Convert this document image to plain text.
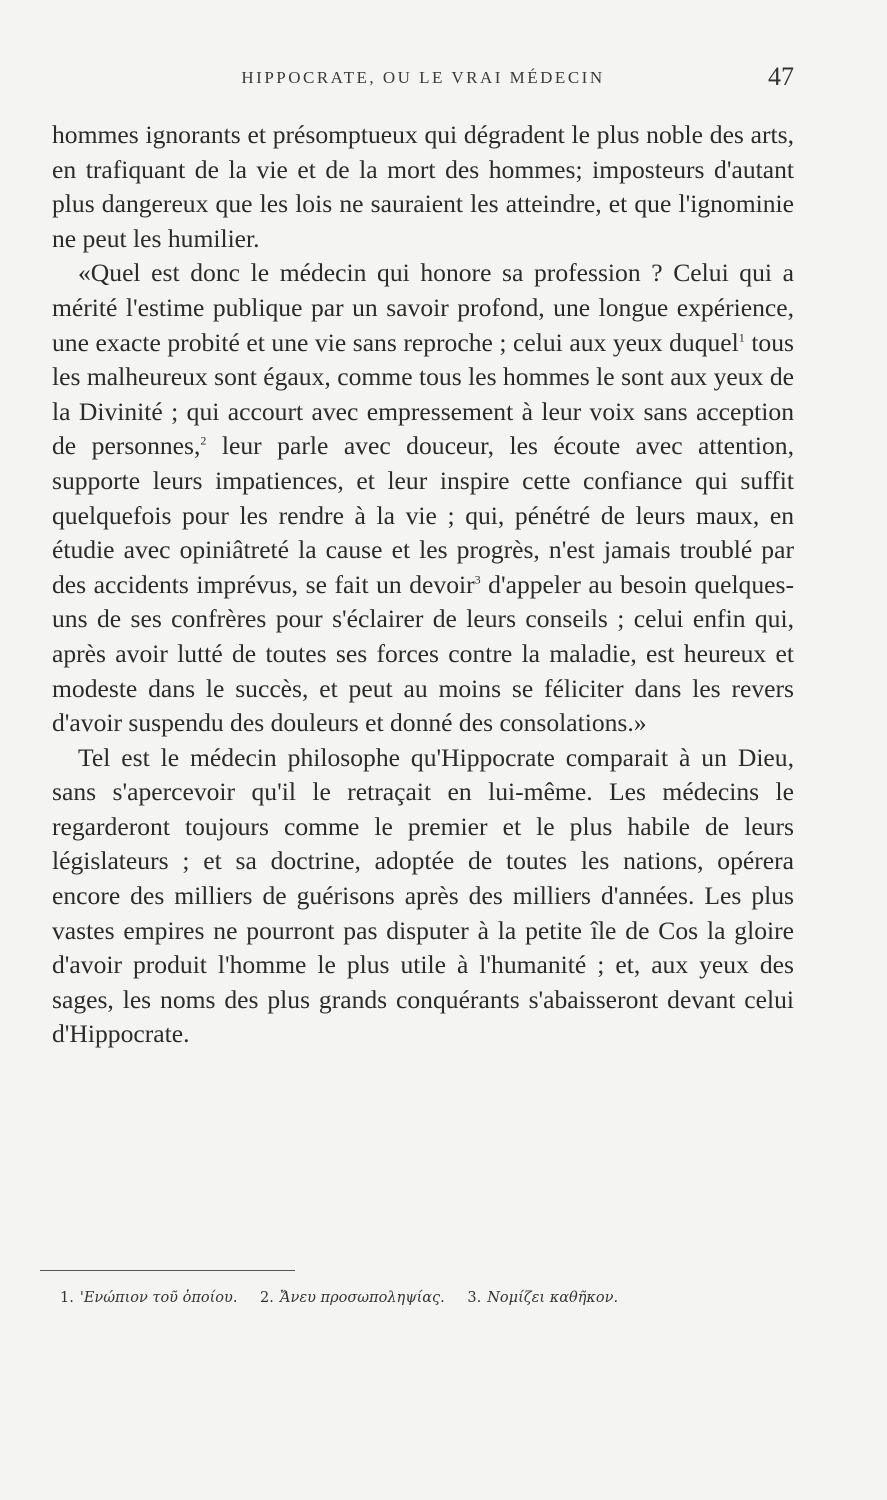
HIPPOCRATE, OU LE VRAI MÉDECIN	47

hommes ignorants et présomptueux qui dégradent le plus noble des arts, en trafiquant de la vie et de la mort des hommes; imposteurs d'autant plus dangereux que les lois ne sauraient les atteindre, et que l'ignominie ne peut les humilier.

«Quel est donc le médecin qui honore sa profession ? Celui qui a mérité l'estime publique par un savoir profond, une longue expérience, une exacte probité et une vie sans reproche ; celui aux yeux duquel$^1$ tous les malheureux sont égaux, comme tous les hommes le sont aux yeux de la Divinité ; qui accourt avec empressement à leur voix sans acception de personnes,$^2$ leur parle avec douceur, les écoute avec attention, supporte leurs impatiences, et leur inspire cette confiance qui suffit quelquefois pour les rendre à la vie ; qui, pénétré de leurs maux, en étudie avec opiniâtreté la cause et les progrès, n'est jamais troublé par des accidents imprévus, se fait un devoir$^3$ d'appeler au besoin quelques-uns de ses confrères pour s'éclairer de leurs conseils ; celui enfin qui, après avoir lutté de toutes ses forces contre la maladie, est heureux et modeste dans le succès, et peut au moins se féliciter dans les revers d'avoir suspendu des douleurs et donné des consolations.»

Tel est le médecin philosophe qu'Hippocrate comparait à un Dieu, sans s'apercevoir qu'il le retraçait en lui-même. Les médecins le regarderont toujours comme le premier et le plus habile de leurs législateurs ; et sa doctrine, adoptée de toutes les nations, opérera encore des milliers de guérisons après des milliers d'années. Les plus vastes empires ne pourront pas disputer à la petite île de Cos la gloire d'avoir produit l'homme le plus utile à l'humanité ; et, aux yeux des sages, les noms des plus grands conquérants s'abaisseront devant celui d'Hippocrate.

1. 'Ενώπιον τοῦ ὁποίου. 2. Ἄνευ προσωποληψίας. 3. Νομίζει καθῆκον.
